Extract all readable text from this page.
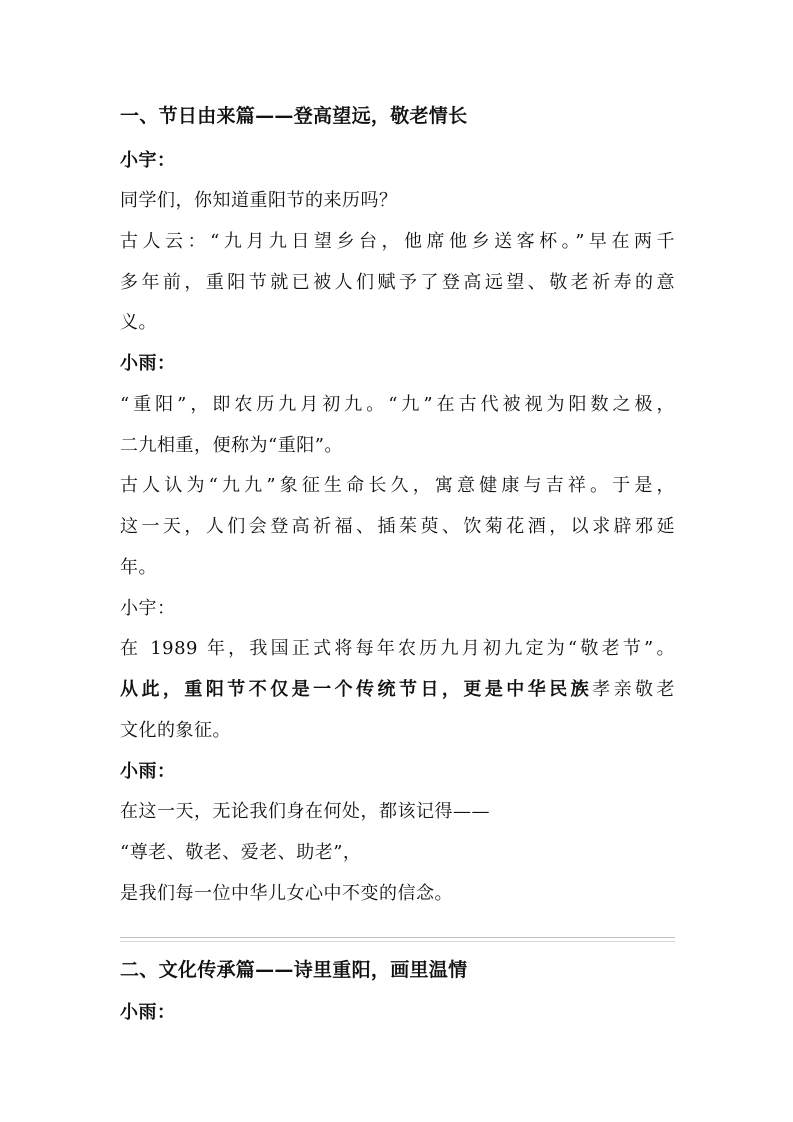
一、节日由来篇——登高望远，敬老情长
小宇：
同学们，你知道重阳节的来历吗？
古人云：“九月九日望乡台，他席他乡送客杯。”早在两千
多年前，重阳节就已被人们赋予了登高远望、敬老祈寿的意
义。
小雨：
“重阳”，即农历九月初九。“九”在古代被视为阳数之极，
二九相重，便称为“重阳”。
古人认为“九九”象征生命长久，寓意健康与吉祥。于是，
这一天，人们会登高祈福、插茱萸、饮菊花酒，以求辟邪延
年。
小宇：
在 1989 年，我国正式将每年农历九月初九定为“敬老节”。
从此，重阳节不仅是一个传统节日，更是中华民族孝亲敬老
文化的象征。
小雨：
在这一天，无论我们身在何处，都该记得——
“尊老、敬老、爱老、助老”，
是我们每一位中华儿女心中不变的信念。
二、文化传承篇——诗里重阳，画里温情
小雨：
